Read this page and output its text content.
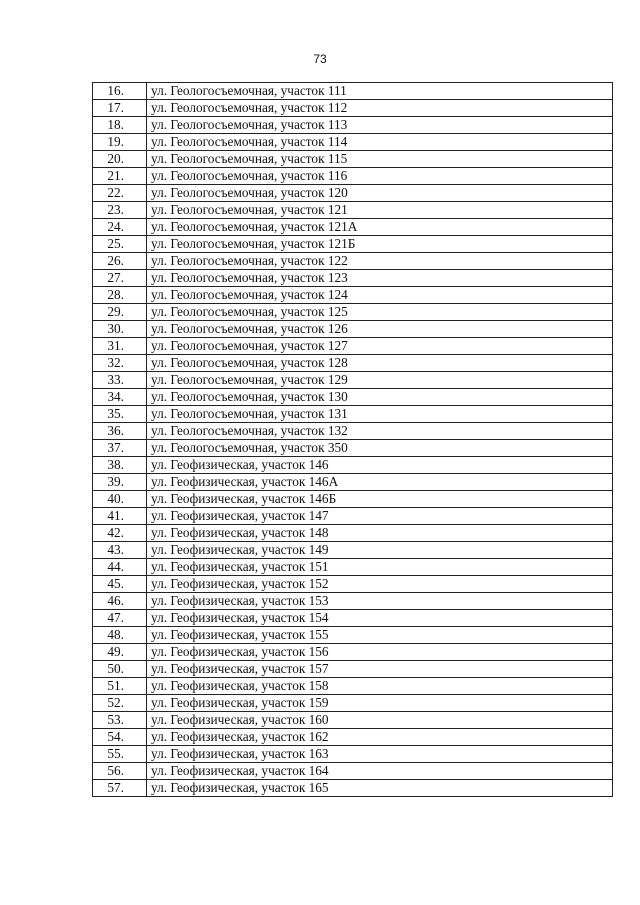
73
16.	ул. Геологосъемочная, участок 111
17.	ул. Геологосъемочная, участок 112
18.	ул. Геологосъемочная, участок 113
19.	ул. Геологосъемочная, участок 114
20.	ул. Геологосъемочная, участок 115
21.	ул. Геологосъемочная, участок 116
22.	ул. Геологосъемочная, участок 120
23.	ул. Геологосъемочная, участок 121
24.	ул. Геологосъемочная, участок 121А
25.	ул. Геологосъемочная, участок 121Б
26.	ул. Геологосъемочная, участок 122
27.	ул. Геологосъемочная, участок 123
28.	ул. Геологосъемочная, участок 124
29.	ул. Геологосъемочная, участок 125
30.	ул. Геологосъемочная, участок 126
31.	ул. Геологосъемочная, участок 127
32.	ул. Геологосъемочная, участок 128
33.	ул. Геологосъемочная, участок 129
34.	ул. Геологосъемочная, участок 130
35.	ул. Геологосъемочная, участок 131
36.	ул. Геологосъемочная, участок 132
37.	ул. Геологосъемочная, участок 350
38.	ул. Геофизическая, участок 146
39.	ул. Геофизическая, участок 146А
40.	ул. Геофизическая, участок 146Б
41.	ул. Геофизическая, участок 147
42.	ул. Геофизическая, участок 148
43.	ул. Геофизическая, участок 149
44.	ул. Геофизическая, участок 151
45.	ул. Геофизическая, участок 152
46.	ул. Геофизическая, участок 153
47.	ул. Геофизическая, участок 154
48.	ул. Геофизическая, участок 155
49.	ул. Геофизическая, участок 156
50.	ул. Геофизическая, участок 157
51.	ул. Геофизическая, участок 158
52.	ул. Геофизическая, участок 159
53.	ул. Геофизическая, участок 160
54.	ул. Геофизическая, участок 162
55.	ул. Геофизическая, участок 163
56.	ул. Геофизическая, участок 164
57.	ул. Геофизическая, участок 165
